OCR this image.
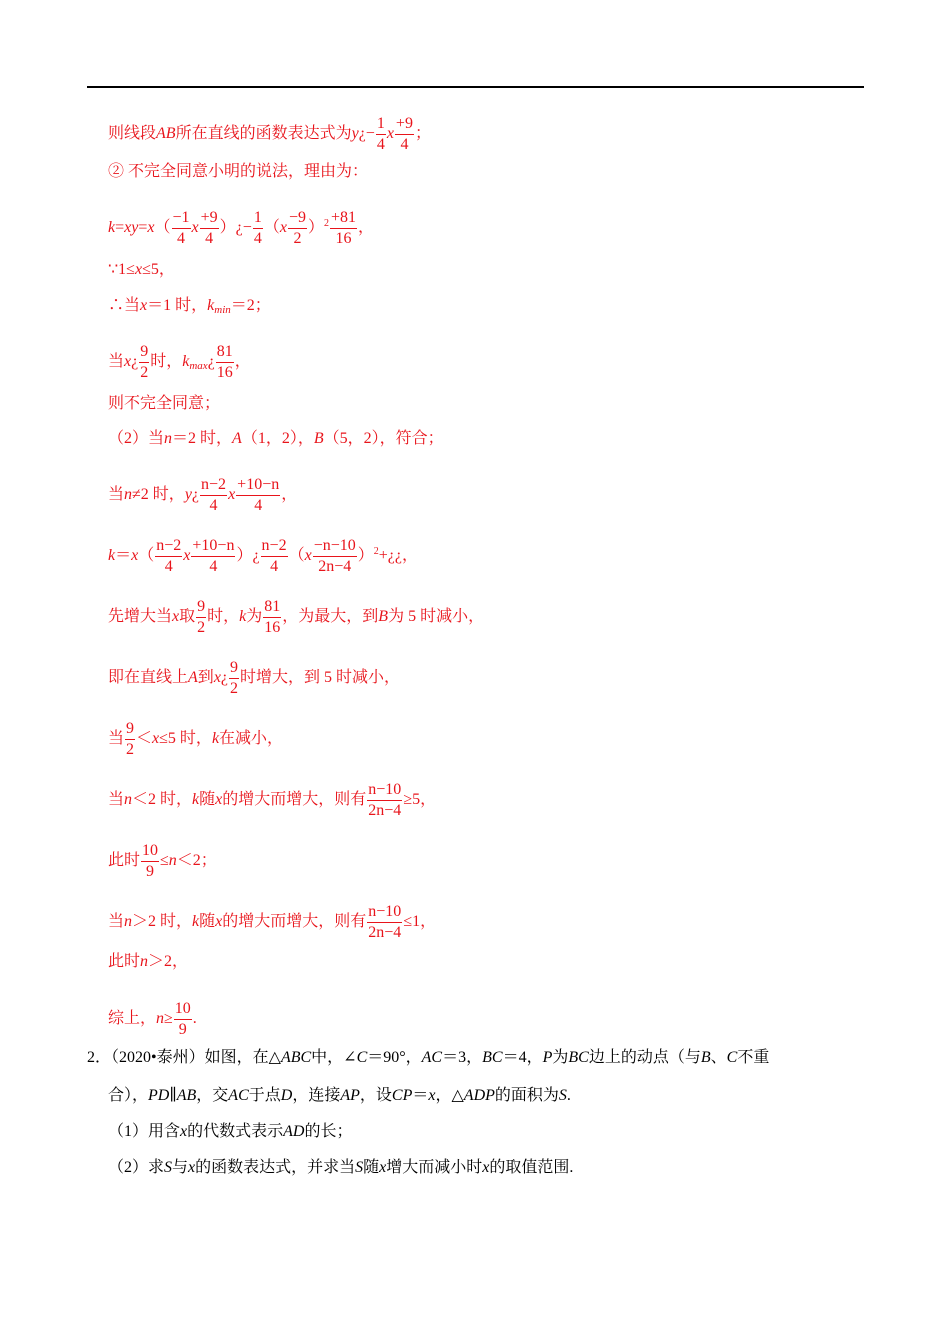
则线段AB所在直线的函数表达式为y¿− $\frac{1}{4}$ x $\frac{+9}{4}$ ；
② 不完全同意小明的说法，理由为：
$k=xy=x( \frac{-1}{4}$ x $\frac{+9}{4}$ ）¿− $\frac{1}{4} (x \frac{-9}{2} )^2 \frac{+81}{16}$ ，
∵1≤x≤5，
∴当x＝1 时，$k_{min}=2$；
当x¿ $\frac{9}{2}$ 时，$k_{max}¿ \frac{81}{16}$ ，
则不完全同意；
（2）当n＝2 时，A（1，2），B（5，2），符合；
当n≠2 时，y¿ $\frac{n-2}{4}$ x $\frac{+10-n}{4}$ ，
$k=x( \frac{n-2}{4}$ x $\frac{+10-n}{4}$ ）¿ $\frac{n-2}{4} (x \frac{-n-10}{2n-4}$ ）$^2$+¿¿，
先增大当x取 $\frac{9}{2}$ 时，k为 $\frac{81}{16}$ ，为最大，到B为 5 时减小，
即在直线上A到x¿ $\frac{9}{2}$ 时增大，到 5 时减小，
当 $\frac{9}{2} <x\le 5$ 时，k在减小，
当n＜2 时，k随x的增大而增大，则有 $\frac{n-10}{2n-4} \ge 5$，
此时 $\frac{10}{9} \le n<2$；
当n＞2 时，k随x的增大而增大，则有 $\frac{n-10}{2n-4} \le 1$，
此时n＞2，
综上，$n\ge \frac{10}{9}$ .
2．（2020•泰州）如图，在△ABC中，∠C＝90°，AC＝3，BC＝4，P为BC边上的动点（与B、C不重
合），PD∥AB，交AC于点D，连接AP，设CP＝x，△ADP的面积为S.
（1）用含x的代数式表示AD的长；
（2）求S与x的函数表达式，并求当S随x增大而减小时x的取值范围.
